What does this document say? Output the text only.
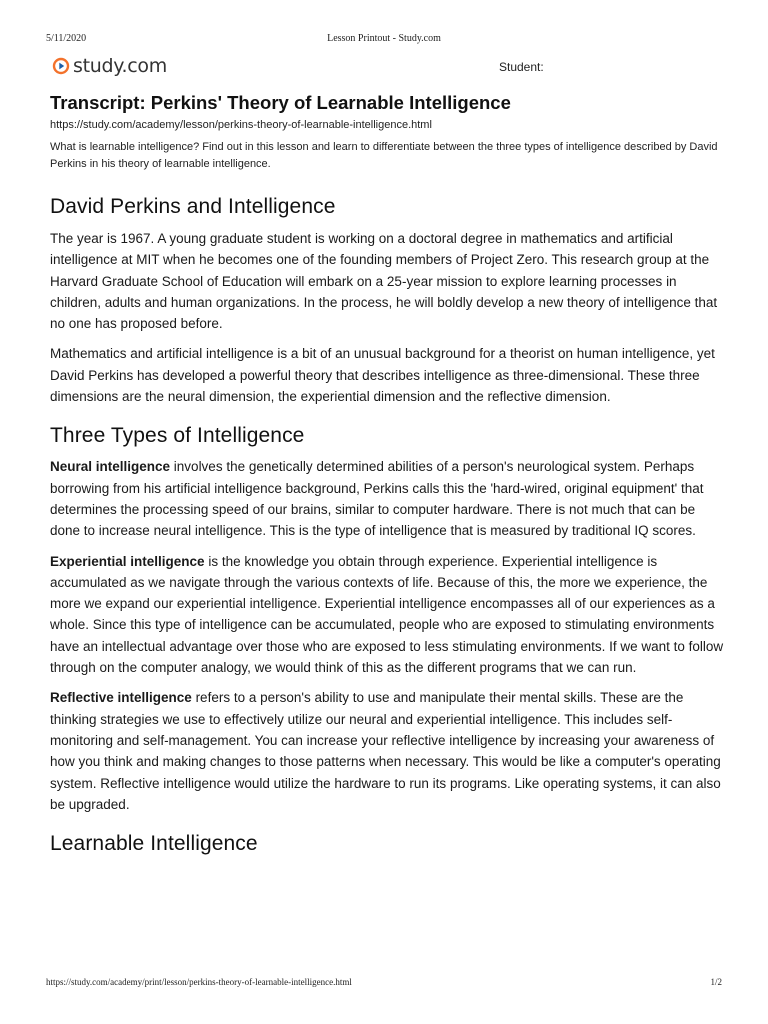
5/11/2020	Lesson Printout - Study.com
study.com	Student:
Transcript: Perkins' Theory of Learnable Intelligence
https://study.com/academy/lesson/perkins-theory-of-learnable-intelligence.html

What is learnable intelligence? Find out in this lesson and learn to differentiate between the three types of intelligence described by David Perkins in his theory of learnable intelligence.

David Perkins and Intelligence

The year is 1967. A young graduate student is working on a doctoral degree in mathematics and artificial intelligence at MIT when he becomes one of the founding members of Project Zero. This research group at the Harvard Graduate School of Education will embark on a 25-year mission to explore learning processes in children, adults and human organizations. In the process, he will boldly develop a new theory of intelligence that no one has proposed before.

Mathematics and artificial intelligence is a bit of an unusual background for a theorist on human intelligence, yet David Perkins has developed a powerful theory that describes intelligence as three-dimensional. These three dimensions are the neural dimension, the experiential dimension and the reflective dimension.

Three Types of Intelligence

Neural intelligence involves the genetically determined abilities of a person's neurological system. Perhaps borrowing from his artificial intelligence background, Perkins calls this the 'hard-wired, original equipment' that determines the processing speed of our brains, similar to computer hardware. There is not much that can be done to increase neural intelligence. This is the type of intelligence that is measured by traditional IQ scores.

Experiential intelligence is the knowledge you obtain through experience. Experiential intelligence is accumulated as we navigate through the various contexts of life. Because of this, the more we experience, the more we expand our experiential intelligence. Experiential intelligence encompasses all of our experiences as a whole. Since this type of intelligence can be accumulated, people who are exposed to stimulating environments have an intellectual advantage over those who are exposed to less stimulating environments. If we want to follow through on the computer analogy, we would think of this as the different programs that we can run.

Reflective intelligence refers to a person's ability to use and manipulate their mental skills. These are the thinking strategies we use to effectively utilize our neural and experiential intelligence. This includes self-monitoring and self-management. You can increase your reflective intelligence by increasing your awareness of how you think and making changes to those patterns when necessary. This would be like a computer's operating system. Reflective intelligence would utilize the hardware to run its programs. Like operating systems, it can also be upgraded.

Learnable Intelligence
https://study.com/academy/print/lesson/perkins-theory-of-learnable-intelligence.html	1/2
